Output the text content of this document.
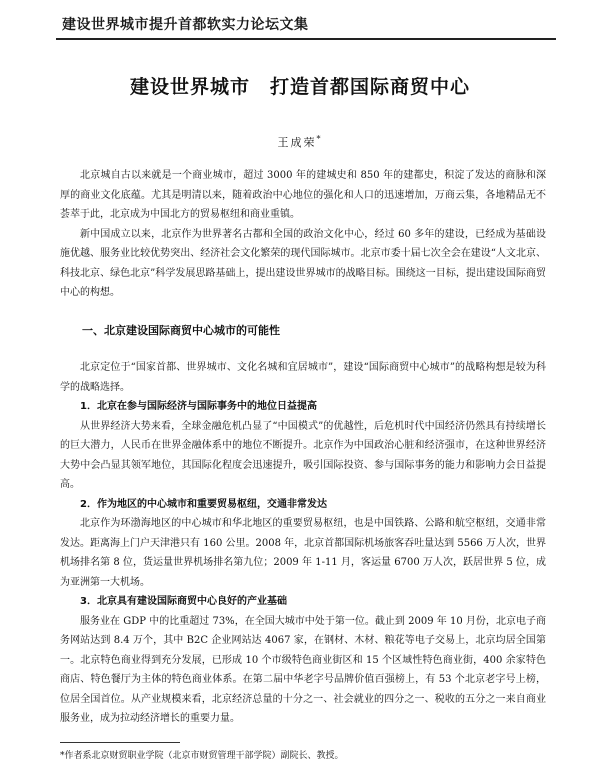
建设世界城市提升首都软实力论坛文集
建设世界城市　打造首都国际商贸中心
王成荣*

北京城自古以来就是一个商业城市，超过 3000 年的建城史和 850 年的建都史，积淀了发达的商脉和深厚的商业文化底蕴。尤其是明清以来，随着政治中心地位的强化和人口的迅速增加，万商云集，各地精品无不荟萃于此，北京成为中国北方的贸易枢纽和商业重镇。

新中国成立以来，北京作为世界著名古都和全国的政治文化中心，经过 60 多年的建设，已经成为基础设施优越、服务业比较优势突出、经济社会文化繁荣的现代国际城市。北京市委十届七次全会在建设“人文北京、科技北京、绿色北京”科学发展思路基础上，提出建设世界城市的战略目标。围绕这一目标，提出建设国际商贸中心的构想。

一、北京建设国际商贸中心城市的可能性

北京定位于“国家首都、世界城市、文化名城和宜居城市”，建设“国际商贸中心城市”的战略构想是较为科学的战略选择。

1．北京在参与国际经济与国际事务中的地位日益提高

从世界经济大势来看，全球金融危机凸显了“中国模式”的优越性，后危机时代中国经济仍然具有持续增长的巨大潜力，人民币在世界金融体系中的地位不断提升。北京作为中国政治心脏和经济强市，在这种世界经济大势中会凸显其领军地位，其国际化程度会迅速提升，吸引国际投资、参与国际事务的能力和影响力会日益提高。

2．作为地区的中心城市和重要贸易枢纽，交通非常发达

北京作为环渤海地区的中心城市和华北地区的重要贸易枢纽，也是中国铁路、公路和航空枢纽，交通非常发达。距离海上门户天津港只有 160 公里。2008 年，北京首都国际机场旅客吞吐量达到 5566 万人次，世界机场排名第 8 位，货运量世界机场排名第九位；2009 年 1-11 月，客运量 6700 万人次，跃居世界 5 位，成为亚洲第一大机场。

3．北京具有建设国际商贸中心良好的产业基础

服务业在 GDP 中的比重超过 73%，在全国大城市中处于第一位。截止到 2009 年 10 月份，北京电子商务网站达到 8.4 万个，其中 B2C 企业网站达 4067 家，在钢材、木材、粮花等电子交易上，北京均居全国第一。北京特色商业得到充分发展，已形成 10 个市级特色商业街区和 15 个区域性特色商业街，400 余家特色商店、特色餐厅为主体的特色商业体系。在第二届中华老字号品牌价值百强榜上，有 53 个北京老字号上榜，位居全国首位。从产业规模来看，北京经济总量的十分之一、社会就业的四分之一、税收的五分之一来自商业服务业，成为拉动经济增长的重要力量。

*作者系北京财贸职业学院（北京市财贸管理干部学院）副院长、教授。
